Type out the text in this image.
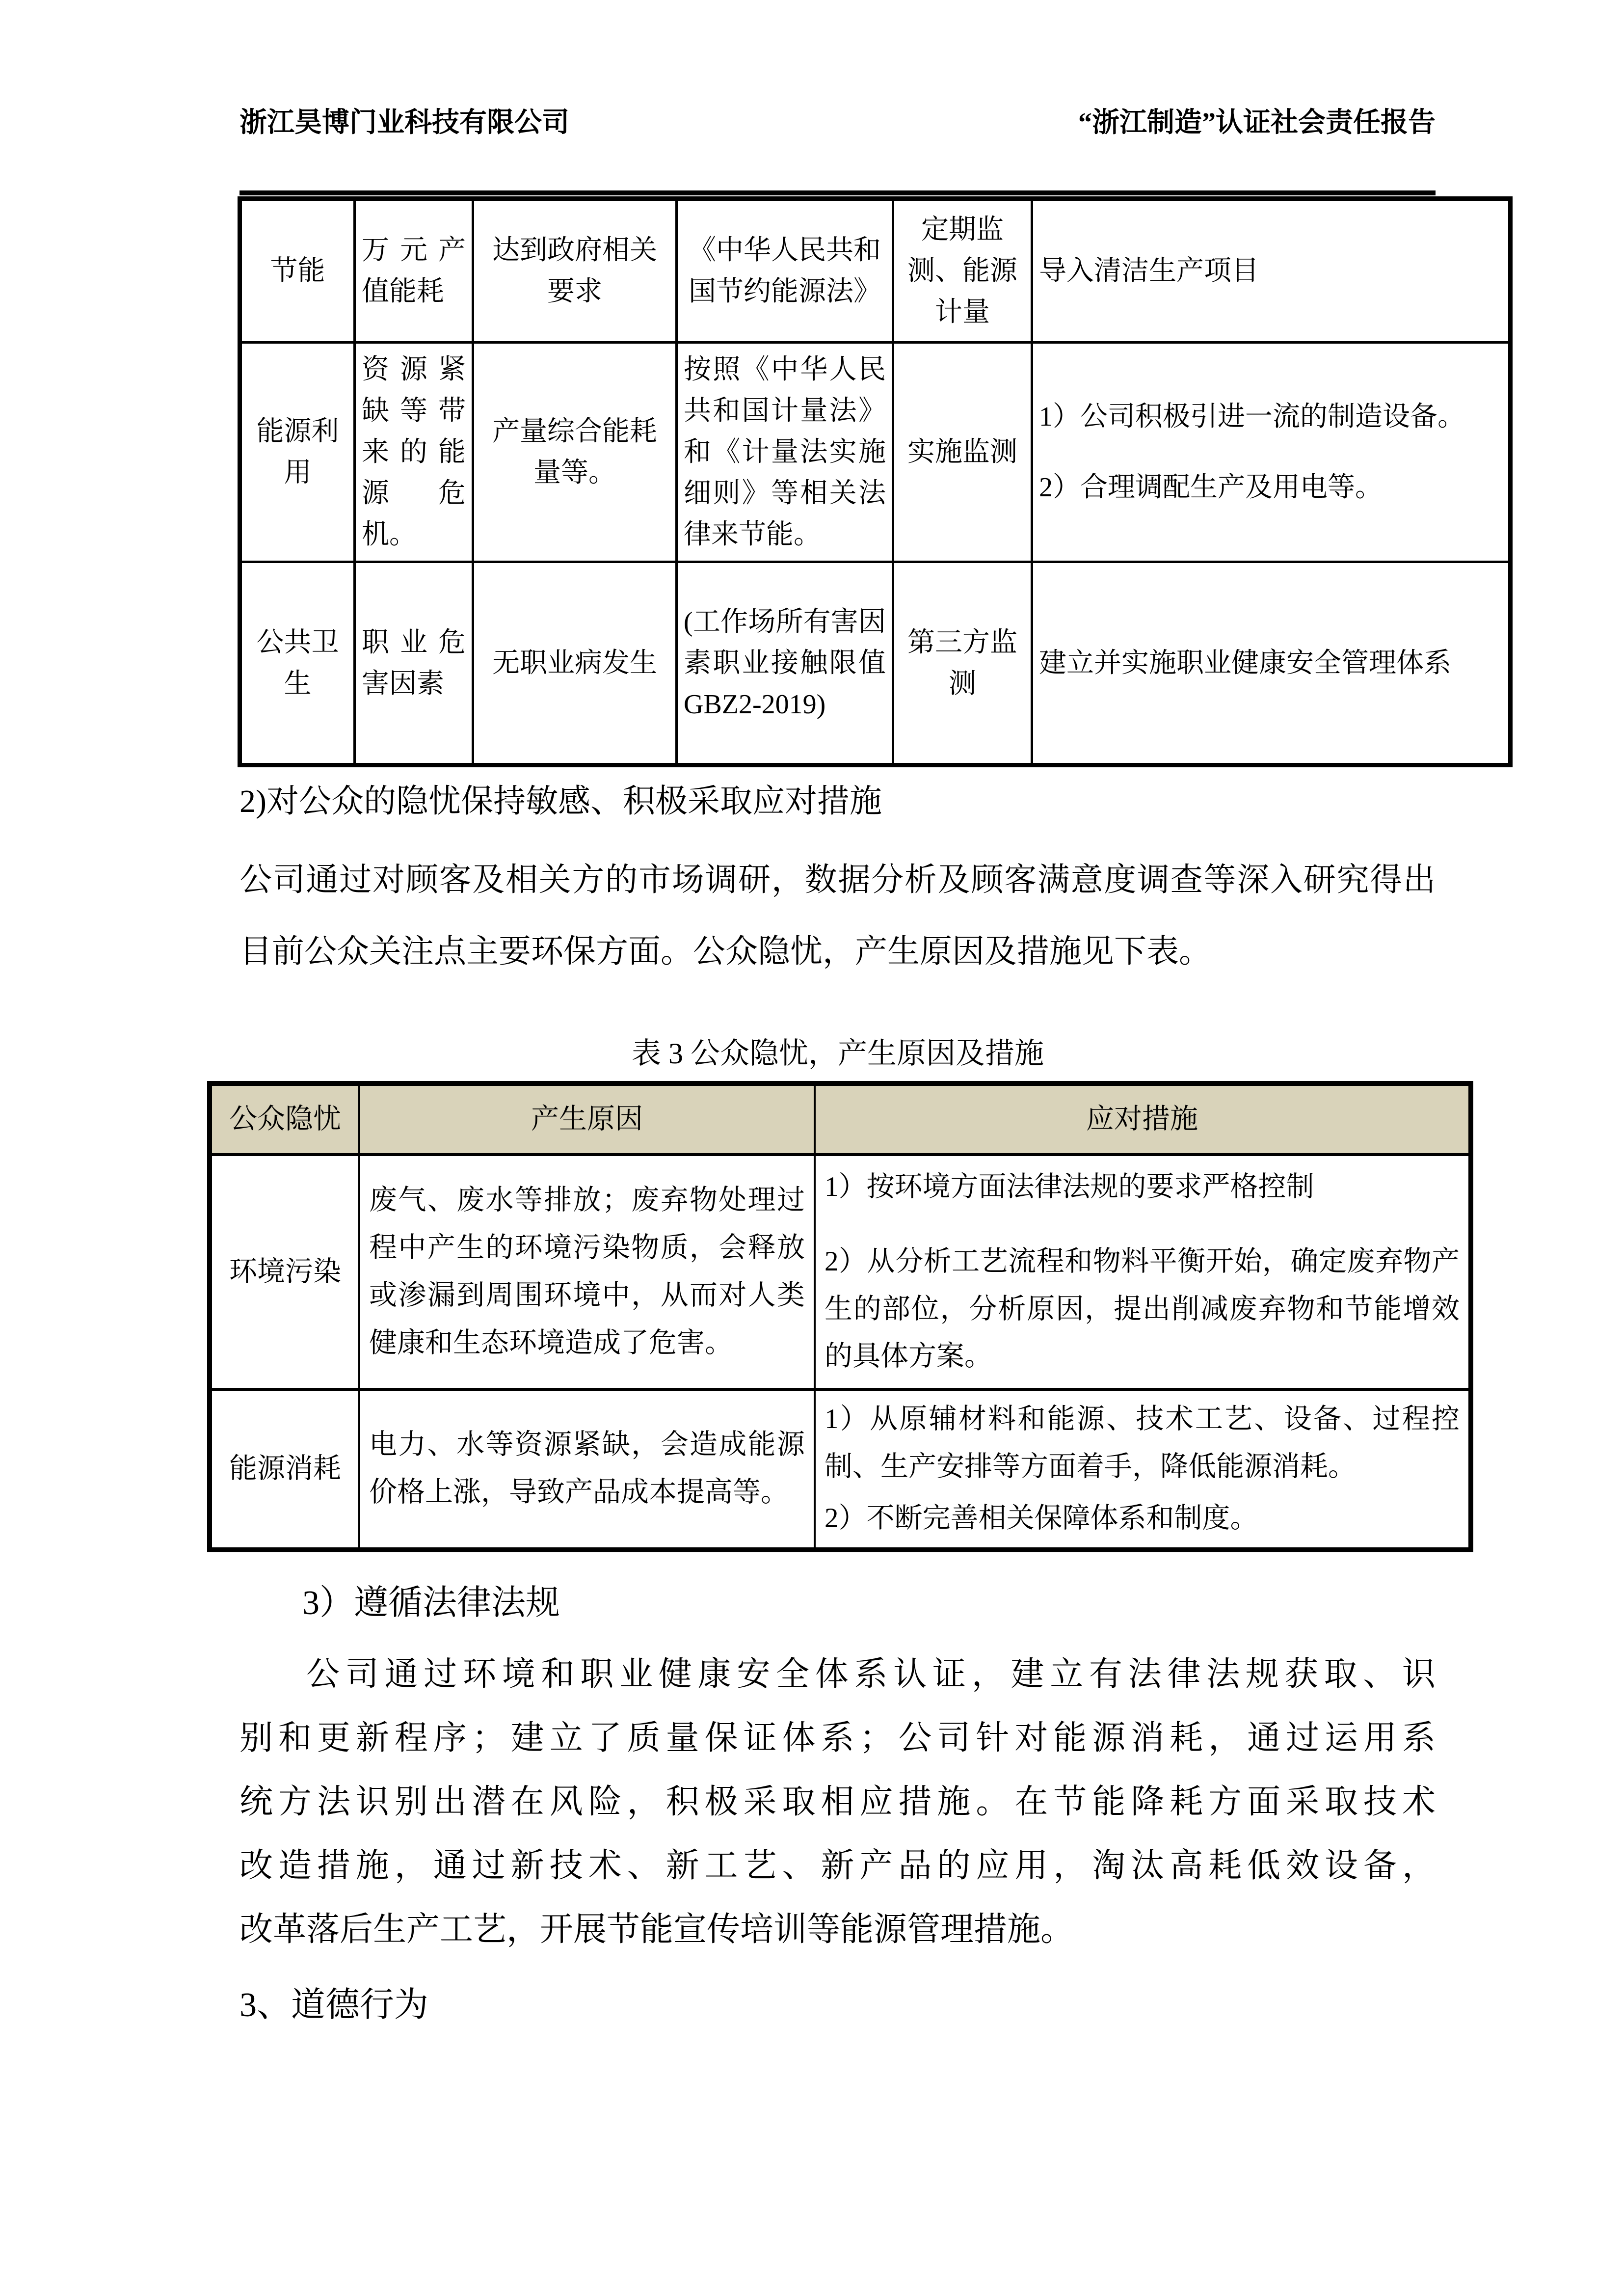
浙江昊博门业科技有限公司	“浙江制造”认证社会责任报告
节能	万元产值能耗	达到政府相关要求	《中华人民共和国节约能源法》	定期监测、能源计量	导入清洁生产项目

能源利用	资源紧缺等带来的能源危机。	产量综合能耗量等。	按照《中华人民共和国计量法》和《计量法实施细则》等相关法律来节能。	实施监测	1）公司积极引进一流的制造设备。
2）合理调配生产及用电等。

公共卫生	职业危害因素	无职业病发生	(工作场所有害因素职业接触限值GBZ2-2019)	第三方监测	建立并实施职业健康安全管理体系
2)对公众的隐忧保持敏感、积极采取应对措施
公司通过对顾客及相关方的市场调研，数据分析及顾客满意度调查等深入研究得出
目前公众关注点主要环保方面。公众隐忧，产生原因及措施见下表。
表 3 公众隐忧，产生原因及措施
公众隐忧	产生原因	应对措施
环境污染	废气、废水等排放；废弃物处理过程中产生的环境污染物质，会释放或渗漏到周围环境中，从而对人类健康和生态环境造成了危害。	1）按环境方面法律法规的要求严格控制
2）从分析工艺流程和物料平衡开始，确定废弃物产生的部位，分析原因，提出削减废弃物和节能增效的具体方案。

能源消耗	电力、水等资源紧缺，会造成能源价格上涨，导致产品成本提高等。	1）从原辅材料和能源、技术工艺、设备、过程控制、生产安排等方面着手，降低能源消耗。
2）不断完善相关保障体系和制度。
3）遵循法律法规
公司通过环境和职业健康安全体系认证，建立有法律法规获取、识
别和更新程序；建立了质量保证体系；公司针对能源消耗，通过运用系
统方法识别出潜在风险，积极采取相应措施。在节能降耗方面采取技术
改造措施，通过新技术、新工艺、新产品的应用，淘汰高耗低效设备，
改革落后生产工艺，开展节能宣传培训等能源管理措施。
3、道德行为
